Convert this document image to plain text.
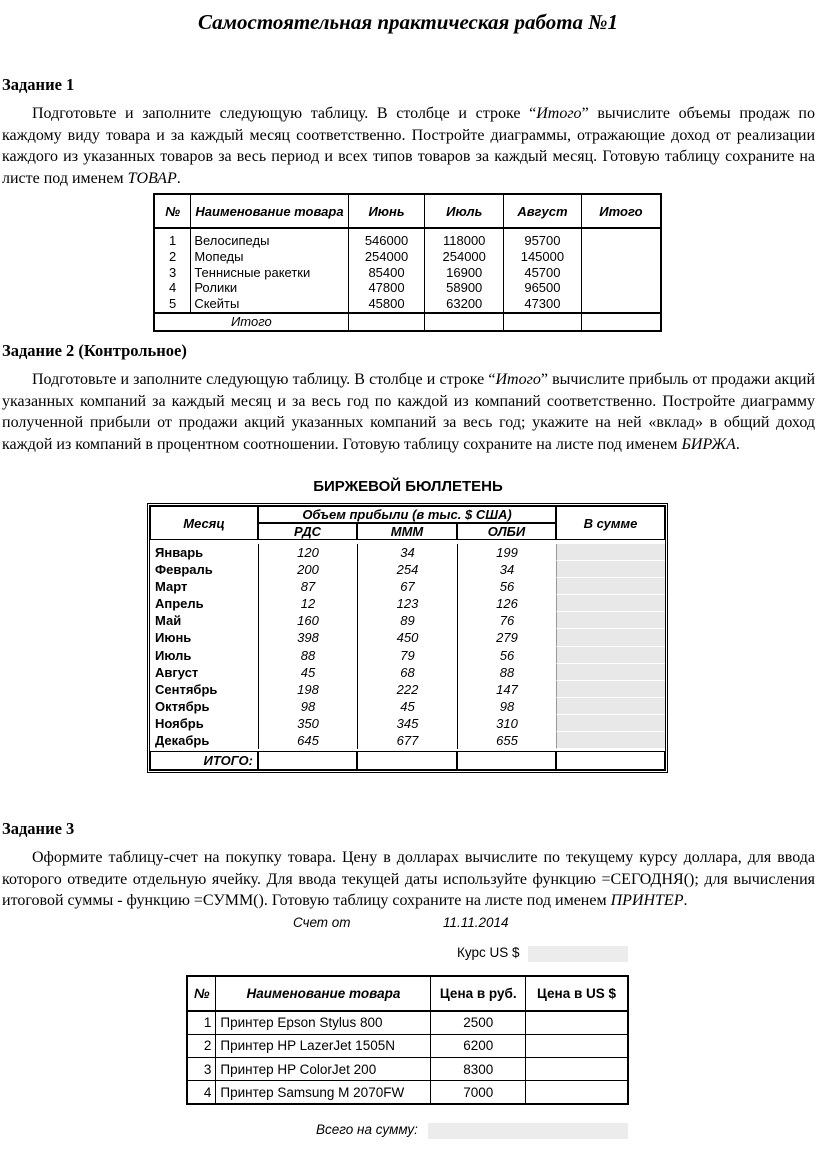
Самостоятельная практическая работа №1
Задание 1
Подготовьте и заполните следующую таблицу. В столбце и строке “Итого” вычислите объемы продаж по каждому виду товара и за каждый месяц соответственно. Постройте диаграммы, отражающие доход от реализации каждого из указанных товаров за весь период и всех типов товаров за каждый месяц. Готовую таблицу сохраните на листе под именем ТОВАР.
№	Наименование товара	Июнь	Июль	Август	Итого
1	Велосипеды	546000	118000	95700	
2	Мопеды	254000	254000	145000	
3	Теннисные ракетки	85400	16900	45700	
4	Ролики	47800	58900	96500	
5	Скейты	45800	63200	47300	
Итого					
Задание 2 (Контрольное)
Подготовьте и заполните следующую таблицу. В столбце и строке “Итого” вычислите прибыль от продажи акций указанных компаний за каждый месяц и за весь год по каждой из компаний соответственно. Постройте диаграмму полученной прибыли от продажи акций указанных компаний за весь год; укажите на ней «вклад» в общий доход каждой из компаний в процентном соотношении. Готовую таблицу сохраните на листе под именем БИРЖА.
БИРЖЕВОЙ БЮЛЛЕТЕНЬ
Месяц	Объем прибыли (в тыс. $ США)			В сумме
	РДС	МММ	ОЛБИ	

Январь	120	34	199	
Февраль	200	254	34	
Март	87	67	56	
Апрель	12	123	126	
Май	160	89	76	
Июнь	398	450	279	
Июль	88	79	56	
Август	45	68	88	
Сентябрь	198	222	147	
Октябрь	98	45	98	
Ноябрь	350	345	310	
Декабрь	645	677	655	

ИТОГО:				
Задание 3
Оформите таблицу-счет на покупку товара. Цену в долларах вычислите по текущему курсу доллара, для ввода которого отведите отдельную ячейку. Для ввода текущей даты используйте функцию =СЕГОДНЯ(); для вычисления итоговой суммы - функцию =СУММ(). Готовую таблицу сохраните на листе под именем ПРИНТЕР.
Счет от	11.11.2014
Курс US $
№	Наименование товара	Цена в руб.	Цена в US $
1	Принтер Epson Stylus 800	2500	
2	Принтер HP LazerJet 1505N	6200	
3	Принтер HP ColorJet 200	8300	
4	Принтер Samsung M 2070FW	7000	
Всего на сумму:
